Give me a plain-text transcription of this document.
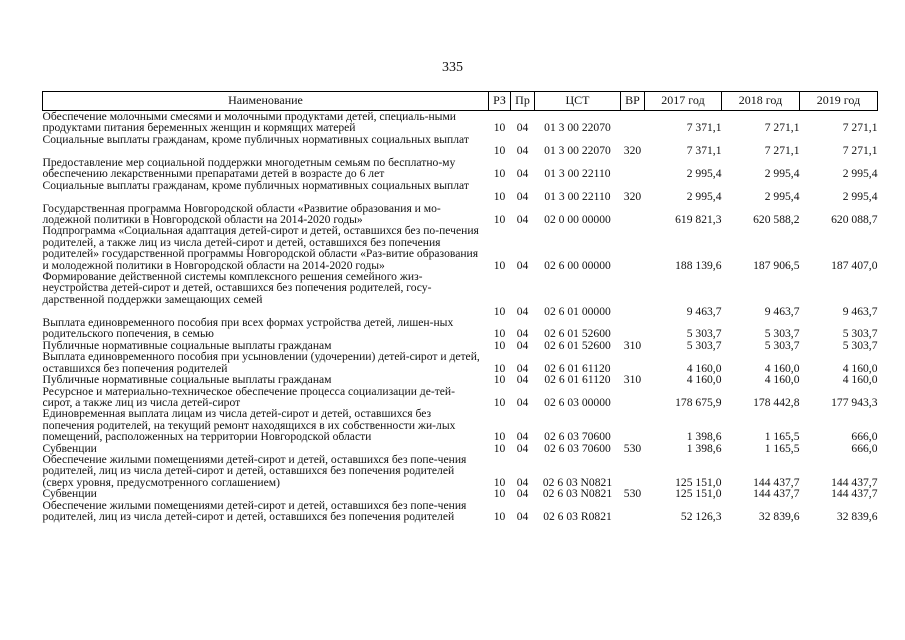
335
Наименование	РЗ	Пр	ЦСТ	ВР	2017 год	2018 год	2019 год
Обеспечение молочными смесями и молочными продуктами детей, специаль-ными продуктами питания беременных женщин и кормящих матерей	10	04	01 3 00 22070		7 371,1	7 271,1	7 271,1
Социальные выплаты гражданам, кроме публичных нормативных социальных выплат	10	04	01 3 00 22070	320	7 371,1	7 271,1	7 271,1
Предоставление мер социальной поддержки многодетным семьям по бесплатно-му обеспечению лекарственными препаратами детей в возрасте до 6 лет	10	04	01 3 00 22110		2 995,4	2 995,4	2 995,4
Социальные выплаты гражданам, кроме публичных нормативных социальных выплат	10	04	01 3 00 22110	320	2 995,4	2 995,4	2 995,4
Государственная программа Новгородской области «Развитие образования и мо-лодежной политики в Новгородской области на 2014-2020 годы»	10	04	02 0 00 00000		619 821,3	620 588,2	620 088,7
Подпрограмма «Социальная адаптация детей-сирот и детей, оставшихся без по-печения родителей, а также лиц из числа детей-сирот и детей, оставшихся без попечения родителей» государственной программы Новгородской области «Раз-витие образования и молодежной политики в Новгородской области на 2014-2020 годы»	10	04	02 6 00 00000		188 139,6	187 906,5	187 407,0
Формирование действенной системы комплексного решения семейного жиз-неустройства детей-сирот и детей, оставшихся без попечения родителей, госу-дарственной поддержки замещающих семей	10	04	02 6 01 00000		9 463,7	9 463,7	9 463,7
Выплата единовременного пособия при всех формах устройства детей, лишен-ных родительского попечения, в семью	10	04	02 6 01 52600		5 303,7	5 303,7	5 303,7
Публичные нормативные социальные выплаты гражданам	10	04	02 6 01 52600	310	5 303,7	5 303,7	5 303,7
Выплата единовременного пособия при усыновлении (удочерении) детей-сирот и детей, оставшихся без попечения родителей	10	04	02 6 01 61120		4 160,0	4 160,0	4 160,0
Публичные нормативные социальные выплаты гражданам	10	04	02 6 01 61120	310	4 160,0	4 160,0	4 160,0
Ресурсное и материально-техническое обеспечение процесса социализации де-тей-сирот, а также лиц из числа детей-сирот	10	04	02 6 03 00000		178 675,9	178 442,8	177 943,3
Единовременная выплата лицам из числа детей-сирот и детей, оставшихся без попечения родителей, на текущий ремонт находящихся в их собственности жи-лых помещений, расположенных на территории Новгородской области	10	04	02 6 03 70600		1 398,6	1 165,5	666,0
Субвенции	10	04	02 6 03 70600	530	1 398,6	1 165,5	666,0
Обеспечение жилыми помещениями детей-сирот и детей, оставшихся без попе-чения родителей, лиц из числа детей-сирот и детей, оставшихся без попечения родителей (сверх уровня, предусмотренного соглашением)	10	04	02 6 03 N0821		125 151,0	144 437,7	144 437,7
Субвенции	10	04	02 6 03 N0821	530	125 151,0	144 437,7	144 437,7
Обеспечение жилыми помещениями детей-сирот и детей, оставшихся без попе-чения родителей, лиц из числа детей-сирот и детей, оставшихся без попечения родителей	10	04	02 6 03 R0821		52 126,3	32 839,6	32 839,6
